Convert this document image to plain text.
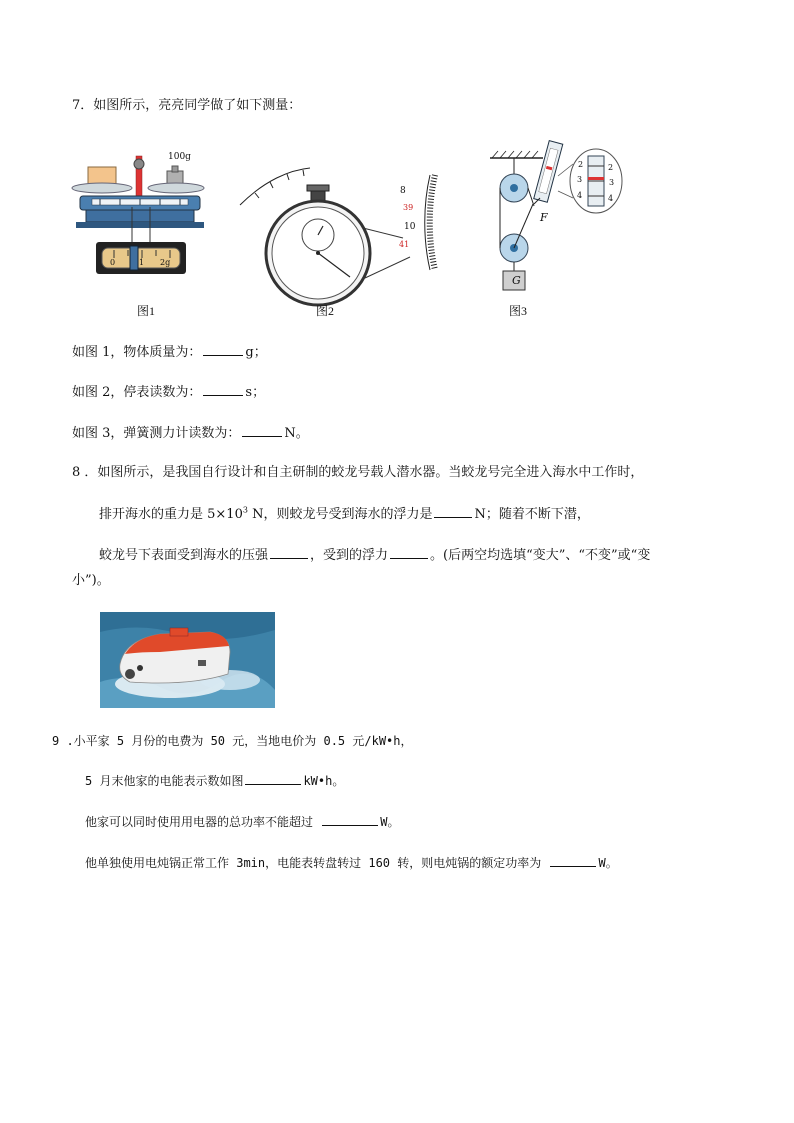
7．如图所示，亮亮同学做了如下测量：
100g
0	1 2g
8
39
10
41
G
F
2
3
4
2
3
4
图1	图2	图3
如图 1，物体质量为：	g；
如图 2，停表读数为：	s；
如图 3，弹簧测力计读数为：	N。
8 ．如图所示，是我国自行设计和自主研制的蛟龙号载人潜水器。当蛟龙号完全进入海水中工作时，
排开海水的重力是 $5\times 10^3$ N，则蛟龙号受到海水的浮力是	N；随着不断下潜，
蛟龙号下表面受到海水的压强	，受到的浮力	。(后两空均选填“变大”、“不变”或“变
小”)。
9 .小平家 5 月份的电费为 50 元，当地电价为 0.5 元/kW•h，
5 月末他家的电能表示数如图	kW•h。
他家可以同时使用用电器的总功率不能超过	W。
他单独使用电炖锅正常工作 3min，电能表转盘转过 160 转，则电炖锅的额定功率为	W。
